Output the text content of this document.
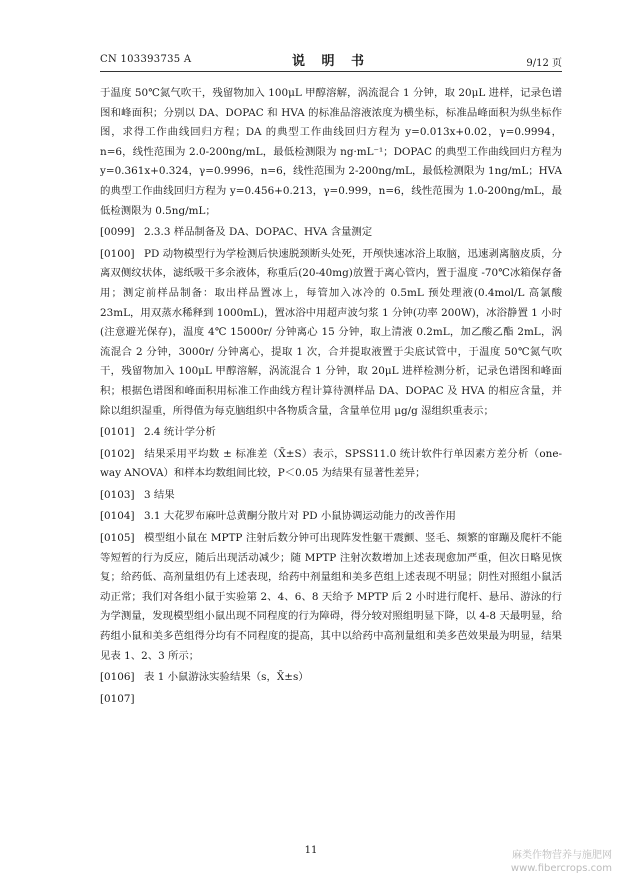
CN 103393735 A	说 明 书	9/12 页

于温度 50℃氮气吹干，残留物加入 100μL 甲醇溶解，涡流混合 1 分钟，取 20μL 进样，记录色谱图和峰面积；分别以 DA、DOPAC 和 HVA 的标准品溶液浓度为横坐标，标准品峰面积为纵坐标作图，求得工作曲线回归方程；DA 的典型工作曲线回归方程为 y=0.013x+0.02，γ=0.9994，n=6，线性范围为 2.0-200ng/mL，最低检测限为 ng·mL⁻¹；DOPAC 的典型工作曲线回归方程为 y=0.361x+0.324，γ=0.9996，n=6，线性范围为 2-200ng/mL，最低检测限为 1ng/mL；HVA 的典型工作曲线回归方程为 y=0.456+0.213，γ=0.999，n=6，线性范围为 1.0-200ng/mL，最低检测限为 0.5ng/mL；

[0099] 2.3.3 样品制备及 DA、DOPAC、HVA 含量测定

[0100] PD 动物模型行为学检测后快速脱颈断头处死，开颅快速冰浴上取脑，迅速剥离脑皮质，分离双侧纹状体，滤纸吸干多余液体，称重后(20-40mg)放置于离心管内，置于温度 -70℃冰箱保存备用；测定前样品制备：取出样品置冰上，每管加入冰冷的 0.5mL 预处理液(0.4mol/L 高氯酸 23mL，用双蒸水稀释到 1000mL)，置冰浴中用超声波匀浆 1 分钟(功率 200W)，冰浴静置 1 小时(注意避光保存)，温度 4℃ 15000r/ 分钟离心 15 分钟，取上清液 0.2mL，加乙酸乙酯 2mL，涡流混合 2 分钟，3000r/ 分钟离心，提取 1 次，合并提取液置于尖底试管中，于温度 50℃氮气吹干，残留物加入 100μL 甲醇溶解，涡流混合 1 分钟，取 20μL 进样检测分析，记录色谱图和峰面积；根据色谱图和峰面积用标准工作曲线方程计算待测样品 DA、DOPAC 及 HVA 的相应含量，并除以组织湿重，所得值为每克脑组织中各物质含量，含量单位用 μg/g 湿组织重表示；

[0101] 2.4 统计学分析

[0102] 结果采用平均数 ± 标准差（X̄±S）表示，SPSS11.0 统计软件行单因素方差分析（one-way ANOVA）和样本均数组间比较，P＜0.05 为结果有显著性差异；

[0103] 3 结果

[0104] 3.1 大花罗布麻叶总黄酮分散片对 PD 小鼠协调运动能力的改善作用

[0105] 模型组小鼠在 MPTP 注射后数分钟可出现阵发性躯干震颤、竖毛、频繁的窜蹦及爬杆不能等短暂的行为反应，随后出现活动减少；随 MPTP 注射次数增加上述表现愈加严重，但次日略见恢复；给药低、高剂量组仍有上述表现，给药中剂量组和美多芭组上述表现不明显；阴性对照组小鼠活动正常；我们对各组小鼠于实验第 2、4、6、8 天给予 MPTP 后 2 小时进行爬杆、悬吊、游泳的行为学测量，发现模型组小鼠出现不同程度的行为障碍，得分较对照组明显下降，以 4-8 天最明显，给药组小鼠和美多芭组得分均有不同程度的提高，其中以给药中高剂量组和美多芭效果最为明显，结果见表 1、2、3 所示；

[0106] 表 1 小鼠游泳实验结果（s，X̄±s）

[0107]

11	麻类作物营养与施肥网
www.fibercrops.com
